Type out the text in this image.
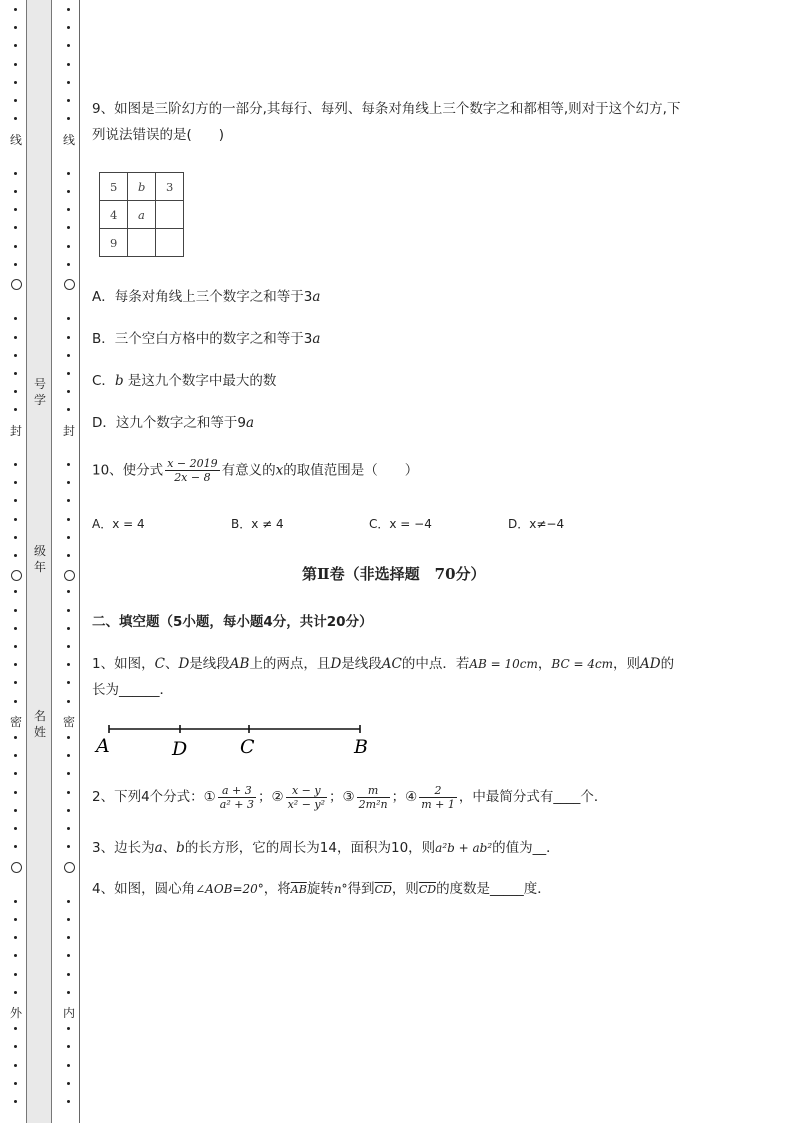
线
封
密
外
线
封
密
内
号
学
级
年
名
姓
9、如图是三阶幻方的一部分,其每行、每列、每条对角线上三个数字之和都相等,则对于这个幻方,下
列说法错误的是(　　)
5	b	3
4	a	
9		
A．每条对角线上三个数字之和等于3a
B．三个空白方格中的数字之和等于3a
C．b 是这九个数字中最大的数
D．这九个数字之和等于9a
10、使分式 $\frac{x - 2019}{2x - 8}$ 有意义的x的取值范围是（　　）
A．x = 4	B．x ≠ 4	C．x = −4	D．x≠−4
第Ⅱ卷（非选择题　70分）
二、填空题（5小题，每小题4分，共计20分）
1、如图，C、D是线段AB上的两点，且D是线段AC的中点．若AB = 10cm，BC = 4cm，则AD的
长为______．
A	D	C	B
2、下列4个分式：① $\frac{a + 3}{\text{a² + 3}}$ ；② $\frac{x - y}{\text{x² − y²}}$ ；③ $\frac{m}{\text{2m²n}}$ ；④ $\frac{2}{m + 1}$ ，中最简分式有____个．
3、边长为a、b的长方形，它的周长为14，面积为10，则a²b + ab²的值为__．
4、如图，圆心角∠AOB=20°，将$\overline{AB}$旋转n°得到$\overline{CD}$，则$\overline{CD}$的度数是_____度．
